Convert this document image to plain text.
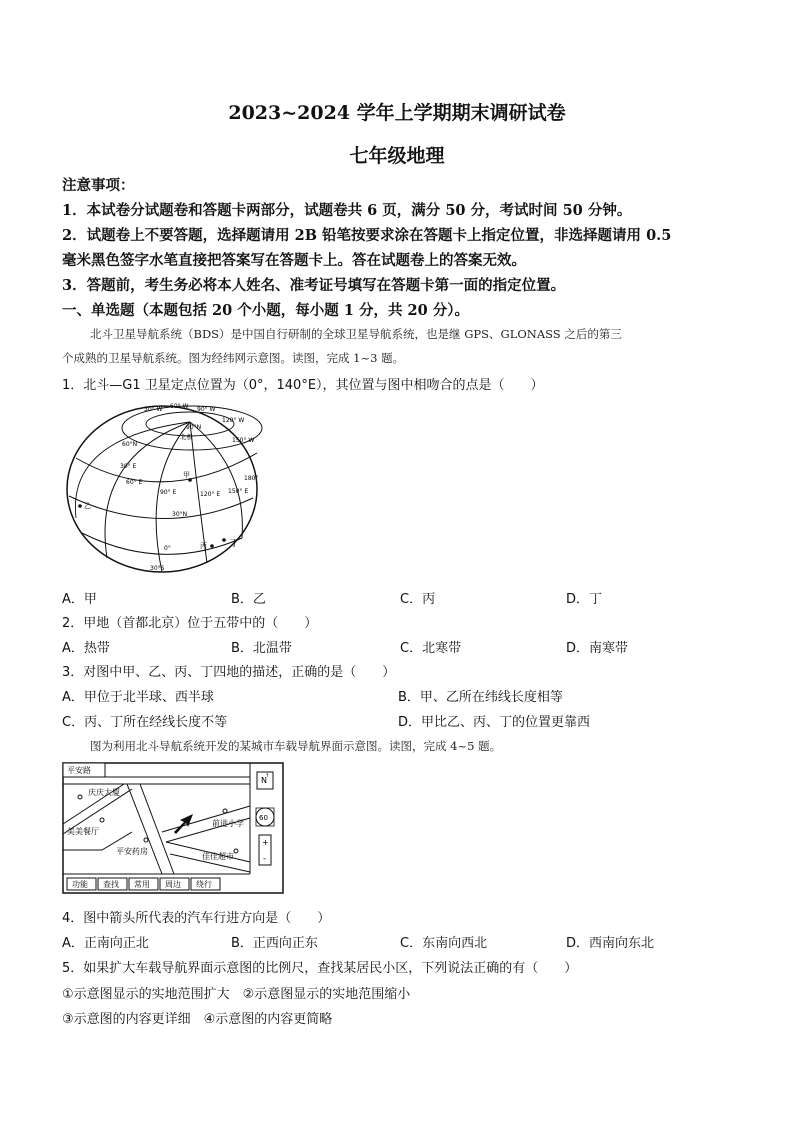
2023~2024 学年上学期期末调研试卷
七年级地理
注意事项：
1．本试卷分试题卷和答题卡两部分，试题卷共 6 页，满分 50 分，考试时间 50 分钟。
2．试题卷上不要答题，选择题请用 2B 铅笔按要求涂在答题卡上指定位置，非选择题请用 0.5
毫米黑色签字水笔直接把答案写在答题卡上。答在试题卷上的答案无效。
3．答题前，考生务必将本人姓名、准考证号填写在答题卡第一面的指定位置。
一、单选题（本题包括 20 个小题，每小题 1 分，共 20 分）。
北斗卫星导航系统（BDS）是中国自行研制的全球卫星导航系统，也是继 GPS、GLONASS 之后的第三
个成熟的卫星导航系统。图为经纬网示意图。读图，完成 1~3 题。
1．北斗—G1 卫星定点位置为（0°，140°E），其位置与图中相吻合的点是（　　）
30° W 60° W 90° W
120° W
150° W
90°N
北极
60°N
30°N
0°
30°S
30° E
60° E
90° E	120° E 150° E
180°
甲
乙
丙	丁
A．甲	B．乙	C．丙	D．丁
2．甲地（首都北京）位于五带中的（　　）
A．热带	B．北温带	C．北寒带	D．南寒带
3．对图中甲、乙、丙、丁四地的描述，正确的是（　　）
A．甲位于北半球、西半球	B．甲、乙所在纬线长度相等
C．丙、丁所在经线长度不等	D．甲比乙、丙、丁的位置更靠西
图为利用北斗导航系统开发的某城市车载导航界面示意图。读图，完成 4~5 题。
N
↑
60
+
-
平安路
庆庆大厦
美美餐厅
平安药房
前进小学
佳佳超市
功能 查找 常用 周边 绕行
4．图中箭头所代表的汽车行进方向是（　　）
A．正南向正北	B．正西向正东	C．东南向西北	D．西南向东北
5．如果扩大车载导航界面示意图的比例尺，查找某居民小区，下列说法正确的有（　　）
①示意图显示的实地范围扩大　②示意图显示的实地范围缩小
③示意图的内容更详细　④示意图的内容更简略
